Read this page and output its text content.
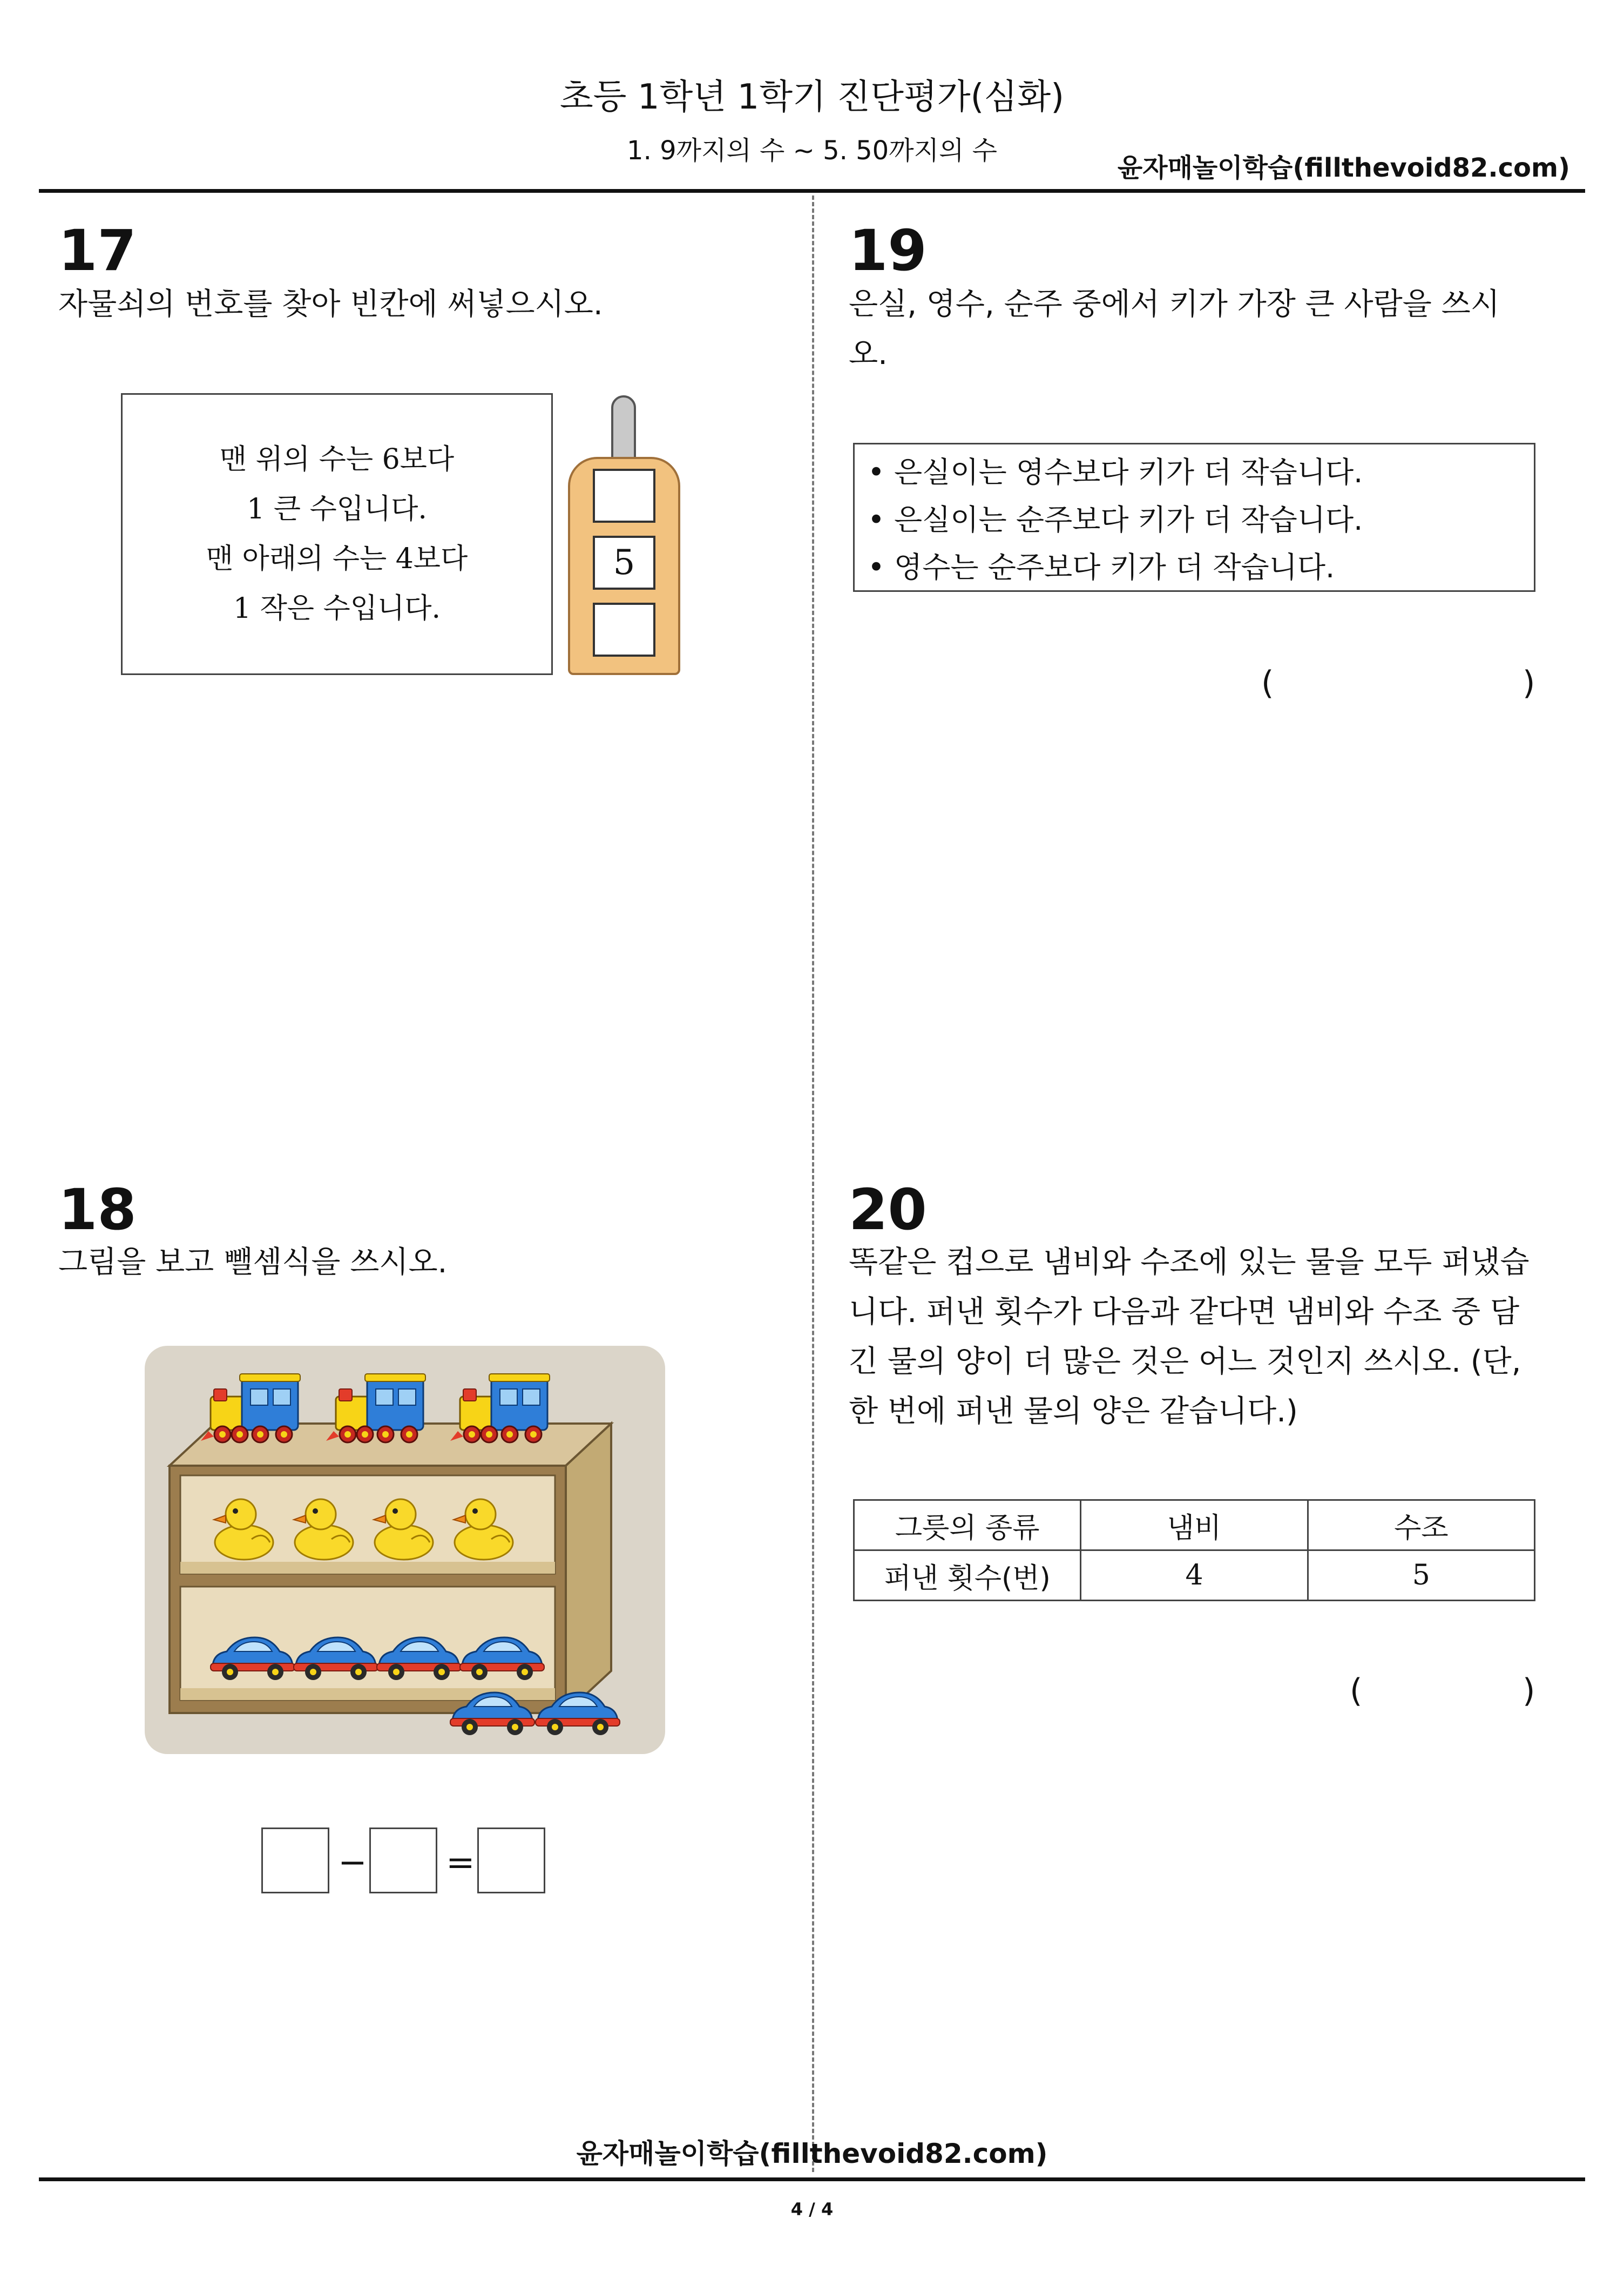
초등 1학년 1학기 진단평가(심화)
1. 9까지의 수 ~ 5. 50까지의 수
윤자매놀이학습(fillthevoid82.com)
17
자물쇠의 번호를 찾아 빈칸에 써넣으시오.
맨 위의 수는 6보다
1 큰 수입니다.
맨 아래의 수는 4보다
1 작은 수입니다.
5
19
은실, 영수, 순주 중에서 키가 가장 큰 사람을 쓰시
오.
• 은실이는 영수보다 키가 더 작습니다.
• 은실이는 순주보다 키가 더 작습니다.
• 영수는 순주보다 키가 더 작습니다.
(	)
18
그림을 보고 뺄셈식을 쓰시오.
− =
20
똑같은 컵으로 냄비와 수조에 있는 물을 모두 퍼냈습
니다. 퍼낸 횟수가 다음과 같다면 냄비와 수조 중 담
긴 물의 양이 더 많은 것은 어느 것인지 쓰시오. (단,
한 번에 퍼낸 물의 양은 같습니다.)
그릇의 종류	냄비	수조
퍼낸 횟수(번)	4	5
(	)
윤자매놀이학습(fillthevoid82.com)
4 / 4
